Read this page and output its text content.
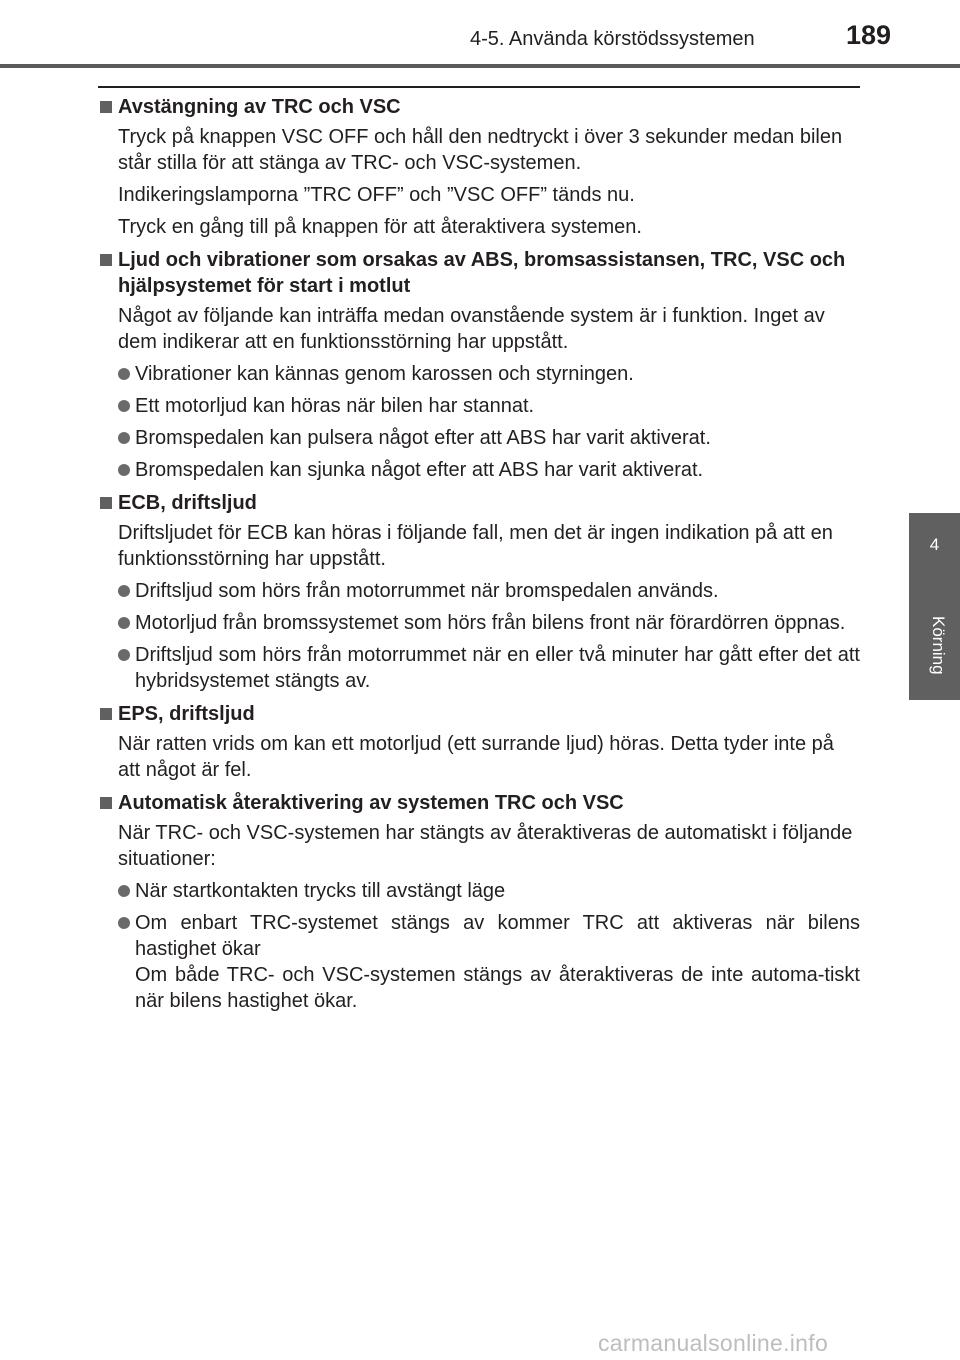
4-5. Använda körstödssystemen	189
4
Körning
Avstängning av TRC och VSC
Tryck på knappen VSC OFF och håll den nedtryckt i över 3 sekunder medan bilen står stilla för att stänga av TRC- och VSC-systemen.
Indikeringslamporna ”TRC OFF” och ”VSC OFF” tänds nu.
Tryck en gång till på knappen för att återaktivera systemen.
Ljud och vibrationer som orsakas av ABS, bromsassistansen, TRC, VSC och hjälpsystemet för start i motlut
Något av följande kan inträffa medan ovanstående system är i funktion. Inget av dem indikerar att en funktionsstörning har uppstått.
Vibrationer kan kännas genom karossen och styrningen.
Ett motorljud kan höras när bilen har stannat.
Bromspedalen kan pulsera något efter att ABS har varit aktiverat.
Bromspedalen kan sjunka något efter att ABS har varit aktiverat.
ECB, driftsljud
Driftsljudet för ECB kan höras i följande fall, men det är ingen indikation på att en funktionsstörning har uppstått.
Driftsljud som hörs från motorrummet när bromspedalen används.
Motorljud från bromssystemet som hörs från bilens front när förardörren öppnas.
Driftsljud som hörs från motorrummet när en eller två minuter har gått efter det att hybridsystemet stängts av.
EPS, driftsljud
När ratten vrids om kan ett motorljud (ett surrande ljud) höras. Detta tyder inte på att något är fel.
Automatisk återaktivering av systemen TRC och VSC
När TRC- och VSC-systemen har stängts av återaktiveras de automatiskt i följande situationer:
När startkontakten trycks till avstängt läge
Om enbart TRC-systemet stängs av kommer TRC att aktiveras när bilens hastighet ökar
Om både TRC- och VSC-systemen stängs av återaktiveras de inte automa-tiskt när bilens hastighet ökar.
carmanualsonline.info
